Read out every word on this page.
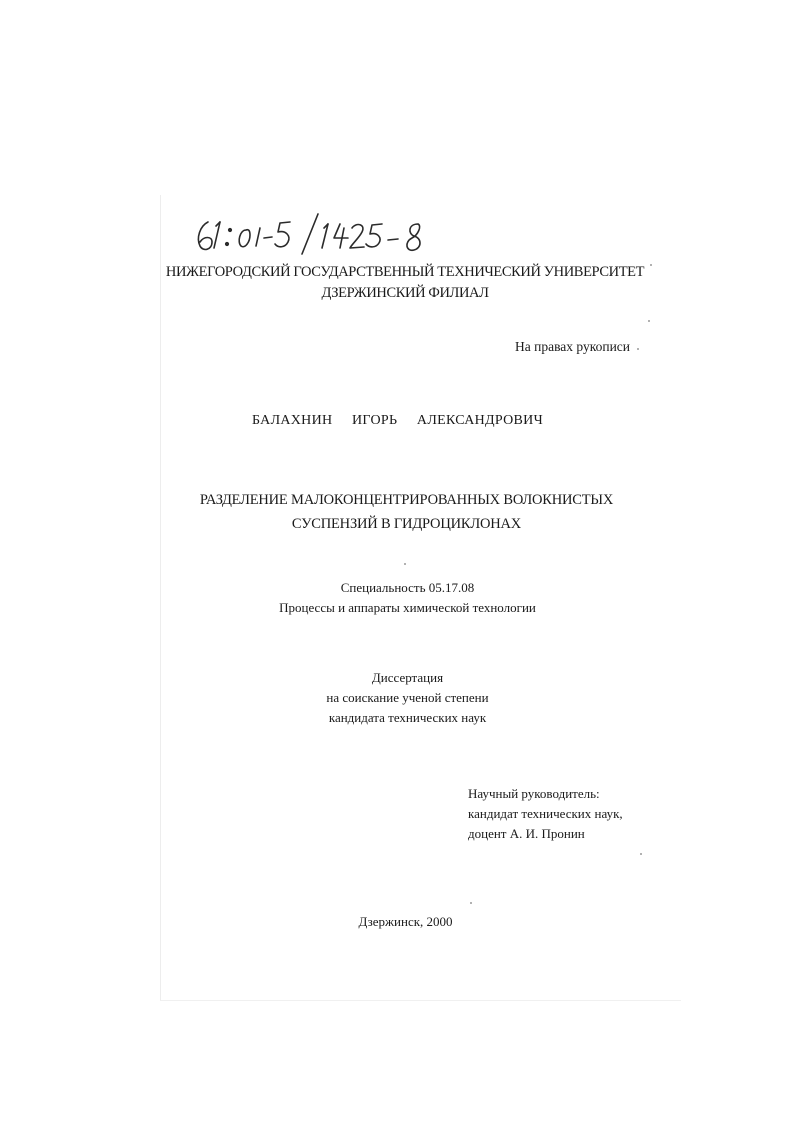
НИЖЕГОРОДСКИЙ ГОСУДАРСТВЕННЫЙ ТЕХНИЧЕСКИЙ УНИВЕРСИТЕТ
ДЗЕРЖИНСКИЙ ФИЛИАЛ
На правах рукописи
БАЛАХНИН  ИГОРЬ  АЛЕКСАНДРОВИЧ
РАЗДЕЛЕНИЕ МАЛОКОНЦЕНТРИРОВАННЫХ ВОЛОКНИСТЫХ
СУСПЕНЗИЙ В ГИДРОЦИКЛОНАХ
Специальность 05.17.08
Процессы и аппараты химической технологии
Диссертация
на соискание ученой степени
кандидата технических наук
Научный руководитель:
кандидат технических наук,
доцент А. И. Пронин
Дзержинск, 2000
